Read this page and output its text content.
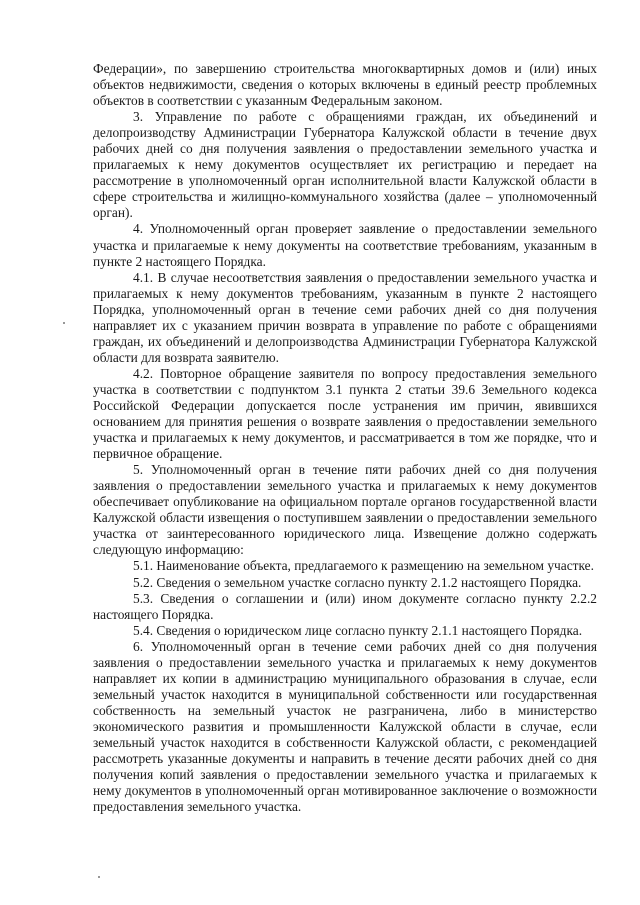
Федерации», по завершению строительства многоквартирных домов и (или) иных объектов недвижимости, сведения о которых включены в единый реестр проблемных объектов в соответствии с указанным Федеральным законом.

3. Управление по работе с обращениями граждан, их объединений и делопроизводству Администрации Губернатора Калужской области в течение двух рабочих дней со дня получения заявления о предоставлении земельного участка и прилагаемых к нему документов осуществляет их регистрацию и передает на рассмотрение в уполномоченный орган исполнительной власти Калужской области в сфере строительства и жилищно-коммунального хозяйства (далее – уполномоченный орган).

4. Уполномоченный орган проверяет заявление о предоставлении земельного участка и прилагаемые к нему документы на соответствие требованиям, указанным в пункте 2 настоящего Порядка.

4.1. В случае несоответствия заявления о предоставлении земельного участка и прилагаемых к нему документов требованиям, указанным в пункте 2 настоящего Порядка, уполномоченный орган в течение семи рабочих дней со дня получения направляет их с указанием причин возврата в управление по работе с обращениями граждан, их объединений и делопроизводства Администрации Губернатора Калужской области для возврата заявителю.

4.2. Повторное обращение заявителя по вопросу предоставления земельного участка в соответствии с подпунктом 3.1 пункта 2 статьи 39.6 Земельного кодекса Российской Федерации допускается после устранения им причин, явившихся основанием для принятия решения о возврате заявления о предоставлении земельного участка и прилагаемых к нему документов, и рассматривается в том же порядке, что и первичное обращение.

5. Уполномоченный орган в течение пяти рабочих дней со дня получения заявления о предоставлении земельного участка и прилагаемых к нему документов обеспечивает опубликование на официальном портале органов государственной власти Калужской области извещения о поступившем заявлении о предоставлении земельного участка от заинтересованного юридического лица. Извещение должно содержать следующую информацию:

5.1. Наименование объекта, предлагаемого к размещению на земельном участке.

5.2. Сведения о земельном участке согласно пункту 2.1.2 настоящего Порядка.

5.3. Сведения о соглашении и (или) ином документе согласно пункту 2.2.2 настоящего Порядка.

5.4. Сведения о юридическом лице согласно пункту 2.1.1 настоящего Порядка.

6. Уполномоченный орган в течение семи рабочих дней со дня получения заявления о предоставлении земельного участка и прилагаемых к нему документов направляет их копии в администрацию муниципального образования в случае, если земельный участок находится в муниципальной собственности или государственная собственность на земельный участок не разграничена, либо в министерство экономического развития и промышленности Калужской области в случае, если земельный участок находится в собственности Калужской области, с рекомендацией рассмотреть указанные документы и направить в течение десяти рабочих дней со дня получения копий заявления о предоставлении земельного участка и прилагаемых к нему документов в уполномоченный орган мотивированное заключение о возможности предоставления земельного участка.
